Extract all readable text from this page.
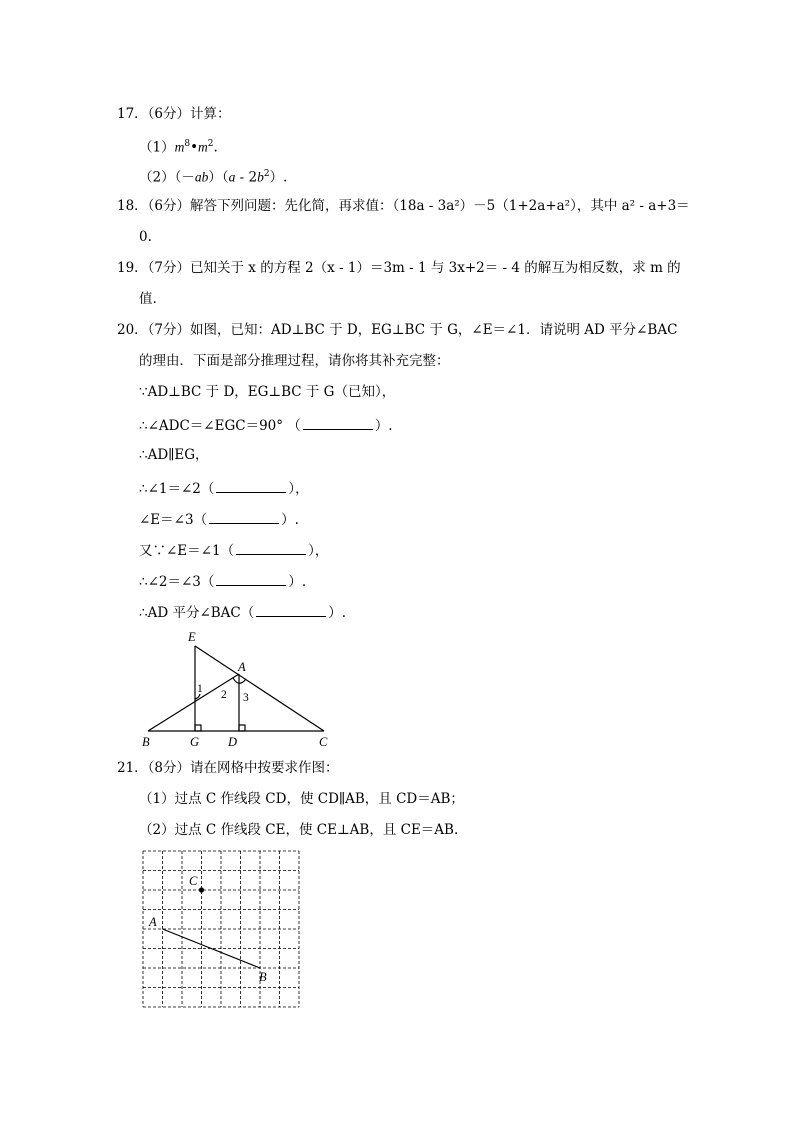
17．（6分）计算：
$(1)m^8•m^2$.
$(2)(-ab)(a - 2b^2)$.
18．（6分）解答下列问题：先化简，再求值：（18a - 3a²）－5（1+2a+a²），其中 a² - a+3＝
0.
19．（7分）已知关于 x 的方程 2（x - 1）＝3m - 1 与 3x+2＝ - 4 的解互为相反数，求 m 的
值.
20．（7分）如图，已知：AD⊥BC 于 D，EG⊥BC 于 G，∠E＝∠1．请说明 AD 平分∠BAC
的理由．下面是部分推理过程，请你将其补充完整：
∵AD⊥BC 于 D，EG⊥BC 于 G（已知），
∴∠ADC＝∠EGC＝90° （	）.
∴AD∥EG，
∴∠1＝∠2（	），
∠E＝∠3（	）.
又∵∠E＝∠1（	），
∴∠2＝∠3（	）.
∴AD 平分∠BAC（	）.
E
A
B	G D	C
1 2 3
21．（8分）请在网格中按要求作图：
（1）过点 C 作线段 CD，使 CD∥AB，且 CD＝AB；
（2）过点 C 作线段 CE，使 CE⊥AB，且 CE＝AB.
C
A
B
